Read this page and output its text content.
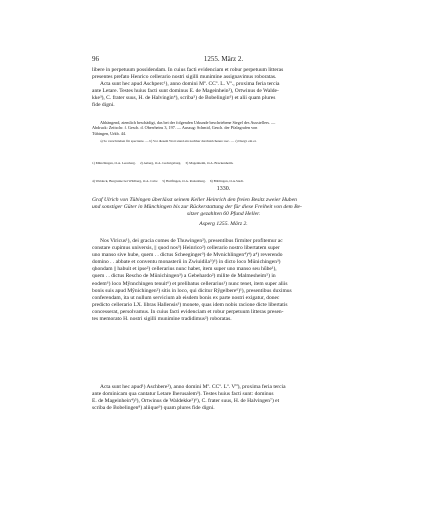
96	1255. März 2.

libere in perpetuum possidendam. In cuius facti evidenciam et robur perpetuum litteras

presentes prefato Henrico cellerario nostri sigilli munimine assignavimus roboratas.

Acta sunt hec apud Aschperc¹), anno domini Mº. CCº. L. Vº., proxima feria tercia

ante Letare. Testes huius facti sunt dominus E. de Mageinhein²), Ortwinus de Walde-

kke³), C. frater suus, H. de Halvingin⁴), scriba⁵) de Bobelingin⁶) et alii quam plures

fide digni.

Abhängend, ziemlich beschädigt, das bei der folgenden Urkunde beschriebene Siegel des Ausstellers. —

Abdruck: Zeitschr. f. Gesch. d. Oberrheins 3, 197. — Auszug: Schmid, Gesch. der Pfalzgrafen von

Tübingen, Urkb. 44.

a) So verschrieben für spectante. — b) Vor diesem Wort stand ein nachher durchstrichenes: nec. — c) Dazgl. ein et.

1) Münchingen, O.A. Leonberg.     2) Asberg, O.A. Ludwigsburg.     3) Magenheim, O.A. Brackenheim.

4) Waldeck, Burgruine bei Wildberg, O.A. Calw.     5) Hailfingen, O.A. Rottenburg.     6) Böblingen, O.A.Stadt.

1330.

Graf Ulrich von Tübingen überlässt seinem Keller Heinrich den freien Besitz zweier Huben

und sonstiger Güter in Münchingen bis zur Rückerstattung der für diese Freiheit von dem Be-

sitzer gezahlten 60 Pfund Heller.

Asperg 1255. März 2.

Nos Viricus¹), dei gracia comes de Thuwingen²), presentibus firmiter profitemur ac

constare cupimus universis, || quod nos³) Heinrico²) cellerario nostro libertatem super

uno manso sive hube, quem . . dictus Scheeginger³) de Mvnichlingen⁴)⁴) a⁴) reverendo

domino . . abbate et conventu monasterii in Zwiuidila⁵)⁶) in dicto loco Münichingen³)

qhondam || habuit et ipse²) cellerarius nunc habet, item super uno manso seu hûbe¹),

quem . . dictus Rescho de Münichingen³) a Gebehardo²) milite de Malmesheim⁵) in

eodem⁶) loco Mŷnnchingen tenuit⁶) et prelibatus cellerarius¹) nunc tenet, item super aliis

bonis suis apud Mŷnichingen²) sitis in loco, qui dicitur Rŷgelbere⁶)¹), presentibus duximus

conferendam, ita ut nullum servicium ab eisdem bonis ex parte nostri exigatur, donec

predicto cellerario LX. libras Hallensis³) monete, quas idem nobis racione dicte libertatis

concesserat, persolvamus. In cuius facti evidenciam et robur perpetuum litteras presen-

tes memorato H. nostri sigilli munimine tradidimus²) roboratas.

Acta sunt hec apud¹) Aschbere²), anno domini Mº. CCº. Lº. V⁰), proxima feria tercia

ante dominicam qua cantatur Letare Iherusalem³). Testes huius facti sunt: dominus

E. de Mageinhein⁴)⁵), Ortwinus de Waldekke⁵)⁶), C. frater suus, H. de Halvingen⁷) et

scriba de Bobelingen⁸) aliique⁹) quam plures fide digni.
